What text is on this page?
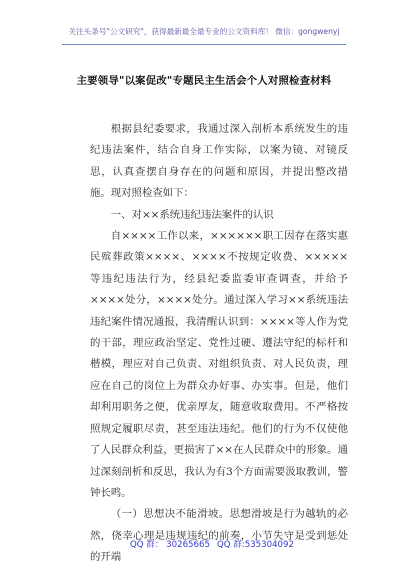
关注头条号"公文研究"，获得最新最全最专业的公文资料库！ 微信：gongwenyj
主要领导"以案促改"专题民主生活会个人对照检查材料

根据县纪委要求，我通过深入剖析本系统发生的违纪违法案件，结合自身工作实际，以案为镜、对镜反思，认真查摆自身存在的问题和原因，并提出整改措施。现对照检查如下：

一、对××系统违纪违法案件的认识

自××××工作以来，××××××职工因存在落实惠民殡葬政策××××、××××不按规定收费、×××××等违纪违法行为，经县纪委监委审查调查，并给予××××处分，××××处分。通过深入学习××系统违法违纪案件情况通报，我清醒认识到：××××等人作为党的干部，理应政治坚定、党性过硬、遵法守纪的标杆和楷模，理应对自己负责、对组织负责、对人民负责，理应在自己的岗位上为群众办好事、办实事。但是，他们却利用职务之便，优亲厚友，随意收取费用。不严格按照规定履职尽责，甚至违法违纪。他们的行为不仅使他了人民群众利益，更损害了××在人民群众中的形象。通过深刻剖析和反思，我认为有3个方面需要汲取教训，警钟长鸣。

（一）思想决不能滑坡。思想滑坡是行为越轨的必然，侥幸心理是违规违纪的前奏，小节失守是受到惩处的开端

QQ 群： 30265665 QQ 群:535304092
